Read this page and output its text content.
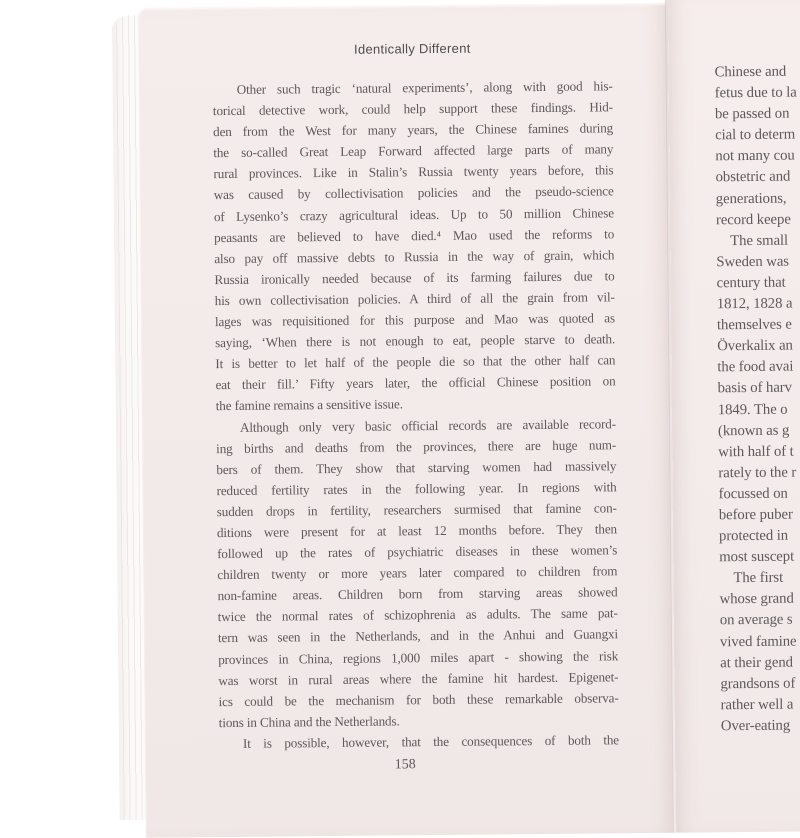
Identically Different
Other such tragic ‘natural experiments’, along with good his-
torical detective work, could help support these findings. Hid-
den from the West for many years, the Chinese famines during
the so-called Great Leap Forward affected large parts of many
rural provinces. Like in Stalin’s Russia twenty years before, this
was caused by collectivisation policies and the pseudo-science
of Lysenko’s crazy agricultural ideas. Up to 50 million Chinese
peasants are believed to have died.⁴ Mao used the reforms to
also pay off massive debts to Russia in the way of grain, which
Russia ironically needed because of its farming failures due to
his own collectivisation policies. A third of all the grain from vil-
lages was requisitioned for this purpose and Mao was quoted as
saying, ‘When there is not enough to eat, people starve to death.
It is better to let half of the people die so that the other half can
eat their fill.’ Fifty years later, the official Chinese position on
the famine remains a sensitive issue.
Although only very basic official records are available record-
ing births and deaths from the provinces, there are huge num-
bers of them. They show that starving women had massively
reduced fertility rates in the following year. In regions with
sudden drops in fertility, researchers surmised that famine con-
ditions were present for at least 12 months before. They then
followed up the rates of psychiatric diseases in these women’s
children twenty or more years later compared to children from
non-famine areas. Children born from starving areas showed
twice the normal rates of schizophrenia as adults. The same pat-
tern was seen in the Netherlands, and in the Anhui and Guangxi
provinces in China, regions 1,000 miles apart - showing the risk
was worst in rural areas where the famine hit hardest. Epigenet-
ics could be the mechanism for both these remarkable observa-
tions in China and the Netherlands.
It is possible, however, that the consequences of both the
158
Chinese and
fetus due to la
be passed on
cial to determ
not many cou
obstetric and
generations,
record keepe
The small
Sweden was
century that
1812, 1828 a
themselves e
Överkalix an
the food avai
basis of harv
1849. The o
(known as g
with half of t
rately to the r
focussed on
before puber
protected in
most suscept
The first
whose grand
on average s
vived famine
at their gend
grandsons of
rather well a
Over-eating
